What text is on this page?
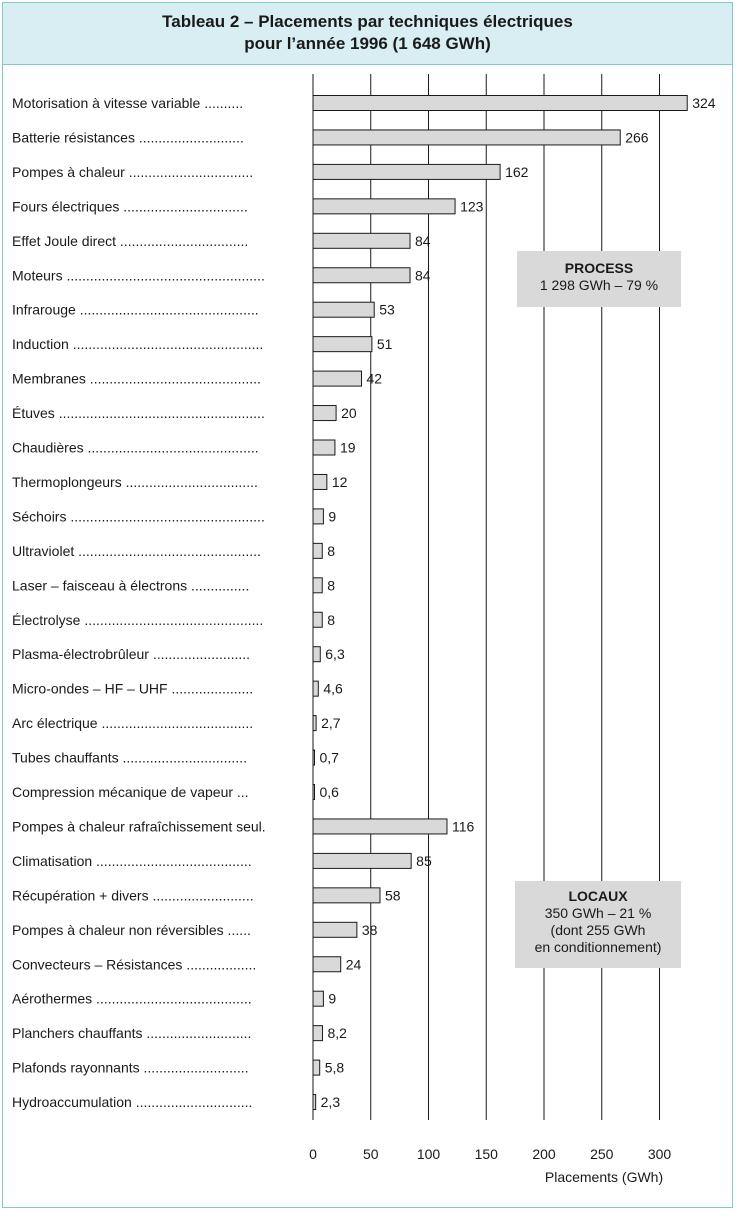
Tableau 2 – Placements par techniques électriques
pour l’année 1996 (1 648 GWh)
Motorisation à vitesse variable ..........	324
Batterie résistances ...........................	266
Pompes à chaleur ................................	162
Fours électriques ................................	123
Effet Joule direct .................................	84
Moteurs ...................................................	84
Infrarouge ..............................................	53
Induction .................................................	51
Membranes ............................................	42
Étuves .....................................................	20
Chaudières ............................................	19
Thermoplongeurs ..................................	12
Séchoirs ..................................................	9
Ultraviolet ...............................................	8
Laser – faisceau à électrons ...............	8
Électrolyse ..............................................	8
Plasma-électrobrûleur .........................	6,3
Micro-ondes – HF – UHF .....................	4,6
Arc électrique .......................................	2,7
Tubes chauffants ................................	0,7
Compression mécanique de vapeur ...	0,6
Pompes à chaleur rafraîchissement seul.	116
Climatisation ........................................	85
Récupération + divers ..........................	58
Pompes à chaleur non réversibles ......	38
Convecteurs – Résistances ..................	24
Aérothermes ........................................	9
Planchers chauffants ...........................	8,2
Plafonds rayonnants ...........................	5,8
Hydroaccumulation ..............................	2,3
0	50	100 150 200 250 300
Placements (GWh)
PROCESS
1 298 GWh – 79 %
LOCAUX
350 GWh – 21 %
(dont 255 GWh
en conditionnement)
